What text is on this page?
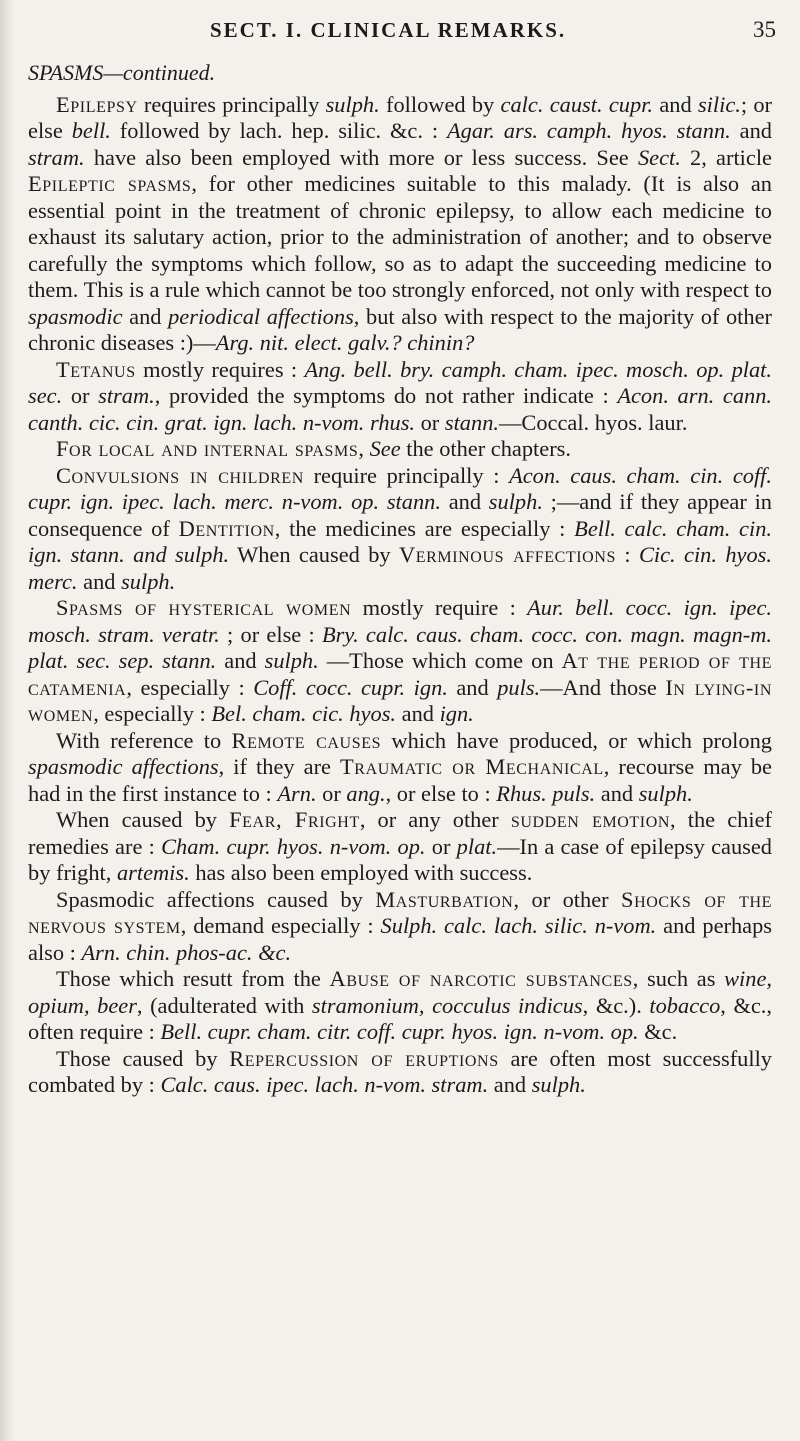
SECT. I. CLINICAL REMARKS.	35
SPASMS—continued.

Epilepsy requires principally sulph. followed by calc. caust. cupr. and silic.; or else bell. followed by lach. hep. silic. &c. : Agar. ars. camph. hyos. stann. and stram. have also been employed with more or less success. See Sect. 2, article Epileptic spasms, for other medicines suitable to this malady. (It is also an essential point in the treatment of chronic epilepsy, to allow each medicine to exhaust its salutary action, prior to the administration of another; and to observe carefully the symptoms which follow, so as to adapt the succeeding medicine to them. This is a rule which cannot be too strongly enforced, not only with respect to spasmodic and periodical affections, but also with respect to the majority of other chronic diseases :)—Arg. nit. elect. galv.? chinin?

Tetanus mostly requires : Ang. bell. bry. camph. cham. ipec. mosch. op. plat. sec. or stram., provided the symptoms do not rather indicate : Acon. arn. cann. canth. cic. cin. grat. ign. lach. n-vom. rhus. or stann.—Coccal. hyos. laur.

For local and internal spasms, See the other chapters.

Convulsions in children require principally : Acon. caus. cham. cin. coff. cupr. ign. ipec. lach. merc. n-vom. op. stann. and sulph. ;—and if they appear in consequence of Dentition, the medicines are especially : Bell. calc. cham. cin. ign. stann. and sulph. When caused by Verminous affections : Cic. cin. hyos. merc. and sulph.

Spasms of hysterical women mostly require : Aur. bell. cocc. ign. ipec. mosch. stram. veratr. ; or else : Bry. calc. caus. cham. cocc. con. magn. magn-m. plat. sec. sep. stann. and sulph. —Those which come on At the period of the catamenia, especially : Coff. cocc. cupr. ign. and puls.—And those In lying-in women, especially : Bel. cham. cic. hyos. and ign.

With reference to Remote causes which have produced, or which prolong spasmodic affections, if they are Traumatic or Mechanical, recourse may be had in the first instance to : Arn. or ang., or else to : Rhus. puls. and sulph.

When caused by Fear, Fright, or any other sudden emotion, the chief remedies are : Cham. cupr. hyos. n-vom. op. or plat.—In a case of epilepsy caused by fright, artemis. has also been employed with success.

Spasmodic affections caused by Masturbation, or other Shocks of the nervous system, demand especially : Sulph. calc. lach. silic. n-vom. and perhaps also : Arn. chin. phos-ac. &c.

Those which resutt from the Abuse of narcotic substances, such as wine, opium, beer, (adulterated with stramonium, cocculus indicus, &c.). tobacco, &c., often require : Bell. cupr. cham. citr. coff. cupr. hyos. ign. n-vom. op. &c.

Those caused by Repercussion of eruptions are often most successfully combated by : Calc. caus. ipec. lach. n-vom. stram. and sulph.
